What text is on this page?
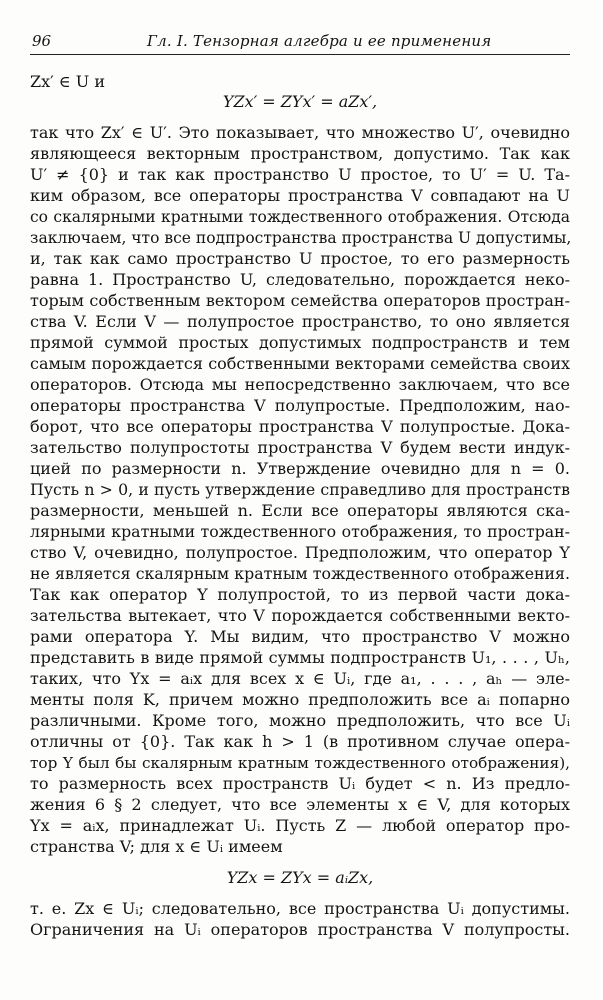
96	Гл. I. Тензорная алгебра и ее применения
Zx′ ∈ U и
YZx′ = ZYx′ = aZx′,
так что Zx′ ∈ U′. Это показывает, что множество U′, очевидно
являющееся векторным пространством, допустимо. Так как
U′ ≠ {0} и так как пространство U простое, то U′ = U. Та-
ким образом, все операторы пространства V совпадают на U
со скалярными кратными тождественного отображения. Отсюда
заключаем, что все подпространства пространства U допустимы,
и, так как само пространство U простое, то его размерность
равна 1. Пространство U, следовательно, порождается неко-
торым собственным вектором семейства операторов простран-
ства V. Если V — полупростое пространство, то оно является
прямой суммой простых допустимых подпространств и тем
самым порождается собственными векторами семейства своих
операторов. Отсюда мы непосредственно заключаем, что все
операторы пространства V полупростые. Предположим, нао-
борот, что все операторы пространства V полупростые. Дока-
зательство полупростоты пространства V будем вести индук-
цией по размерности n. Утверждение очевидно для n = 0.
Пусть n > 0, и пусть утверждение справедливо для пространств
размерности, меньшей n. Если все операторы являются ска-
лярными кратными тождественного отображения, то простран-
ство V, очевидно, полупростое. Предположим, что оператор Y
не является скалярным кратным тождественного отображения.
Так как оператор Y полупростой, то из первой части дока-
зательства вытекает, что V порождается собственными векто-
рами оператора Y. Мы видим, что пространство V можно
представить в виде прямой суммы подпространств U₁, . . . , Uₕ,
таких, что Yx = aᵢx для всех x ∈ Uᵢ, где a₁, . . . , aₕ — эле-
менты поля K, причем можно предположить все aᵢ попарно
различными. Кроме того, можно предположить, что все Uᵢ
отличны от {0}. Так как h > 1 (в противном случае опера-
тор Y был бы скалярным кратным тождественного отображения),
то размерность всех пространств Uᵢ будет < n. Из предло-
жения 6 § 2 следует, что все элементы x ∈ V, для которых
Yx = aᵢx, принадлежат Uᵢ. Пусть Z — любой оператор про-
странства V; для x ∈ Uᵢ имеем
YZx = ZYx = aᵢZx,
т. е. Zx ∈ Uᵢ; следовательно, все пространства Uᵢ допустимы.
Ограничения на Uᵢ операторов пространства V полупросты.
